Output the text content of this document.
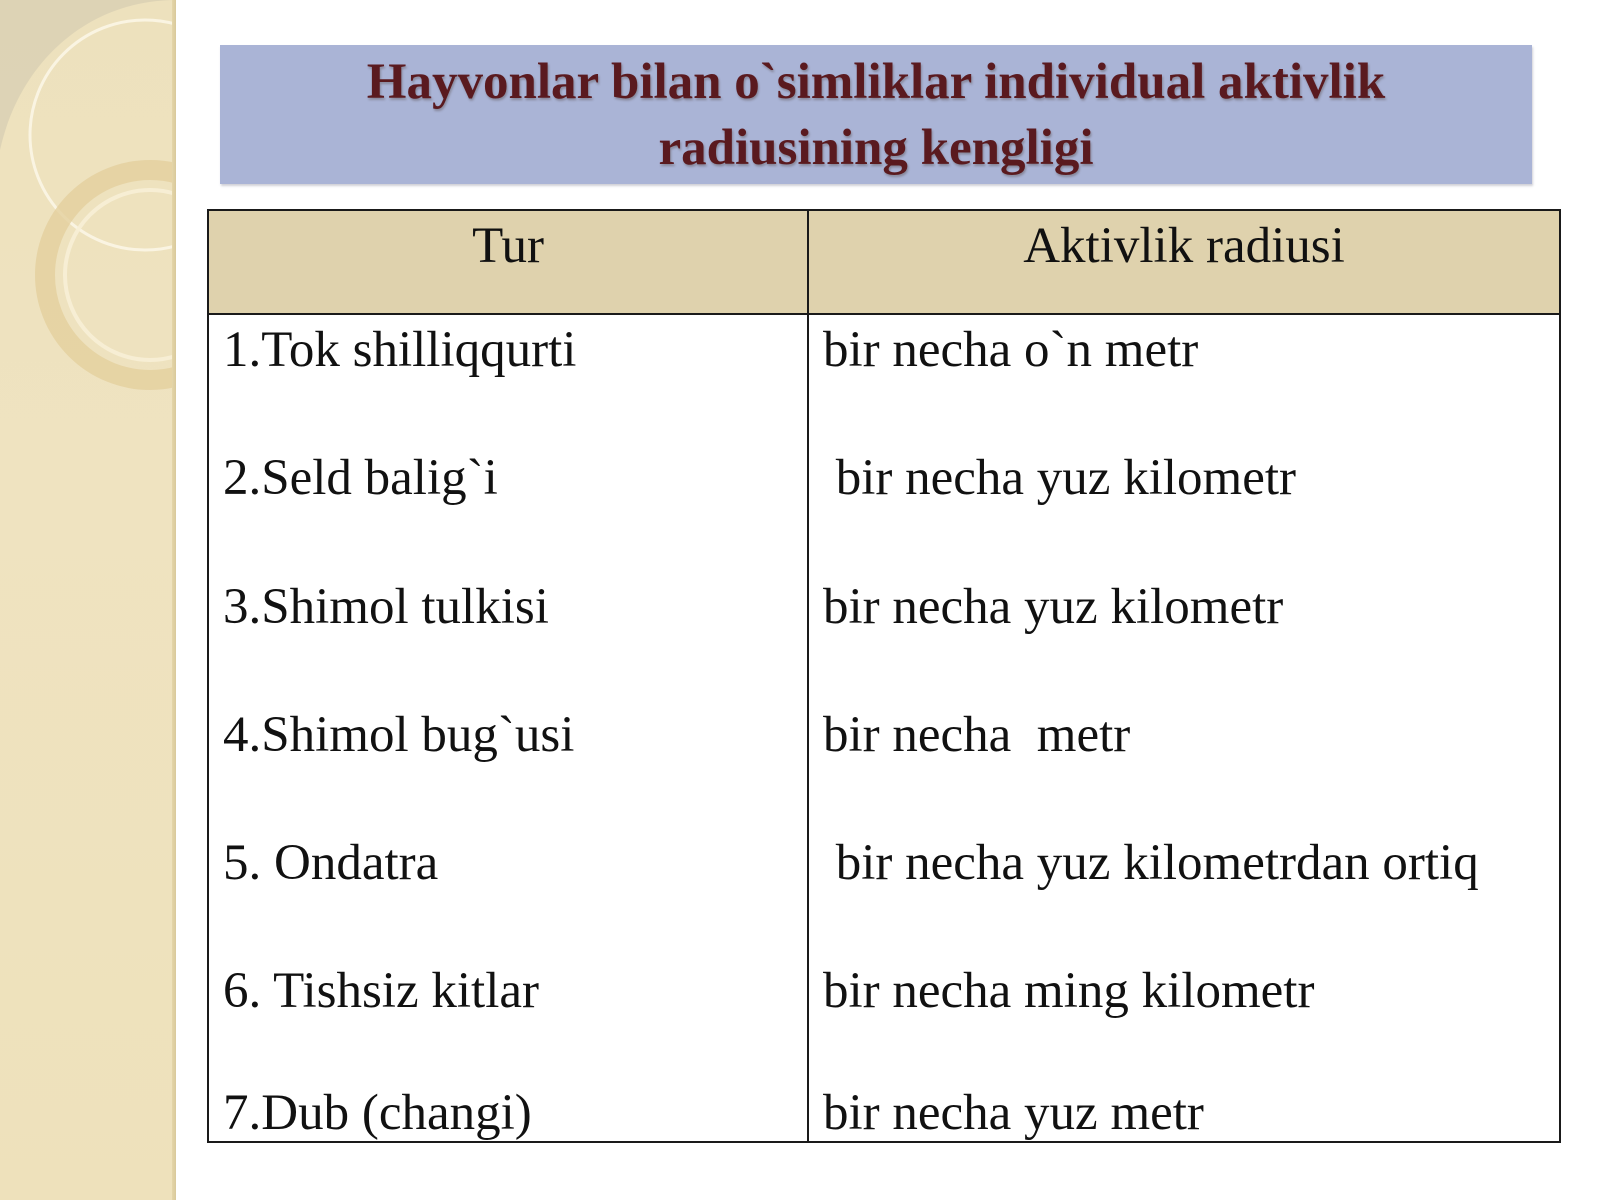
Hayvonlar bilan o`simliklar individual aktivlik radiusining kengligi
Tur	Aktivlik radiusi
1.Tok shilliqqurti	bir necha o`n metr
2.Seld balig`i	bir necha yuz kilometr
3.Shimol tulkisi	bir necha yuz kilometr
4.Shimol bug`usi	bir necha  metr
5. Ondatra	bir necha yuz kilometrdan ortiq
6. Tishsiz kitlar	bir necha ming kilometr
7.Dub (changi)	bir necha yuz metr
